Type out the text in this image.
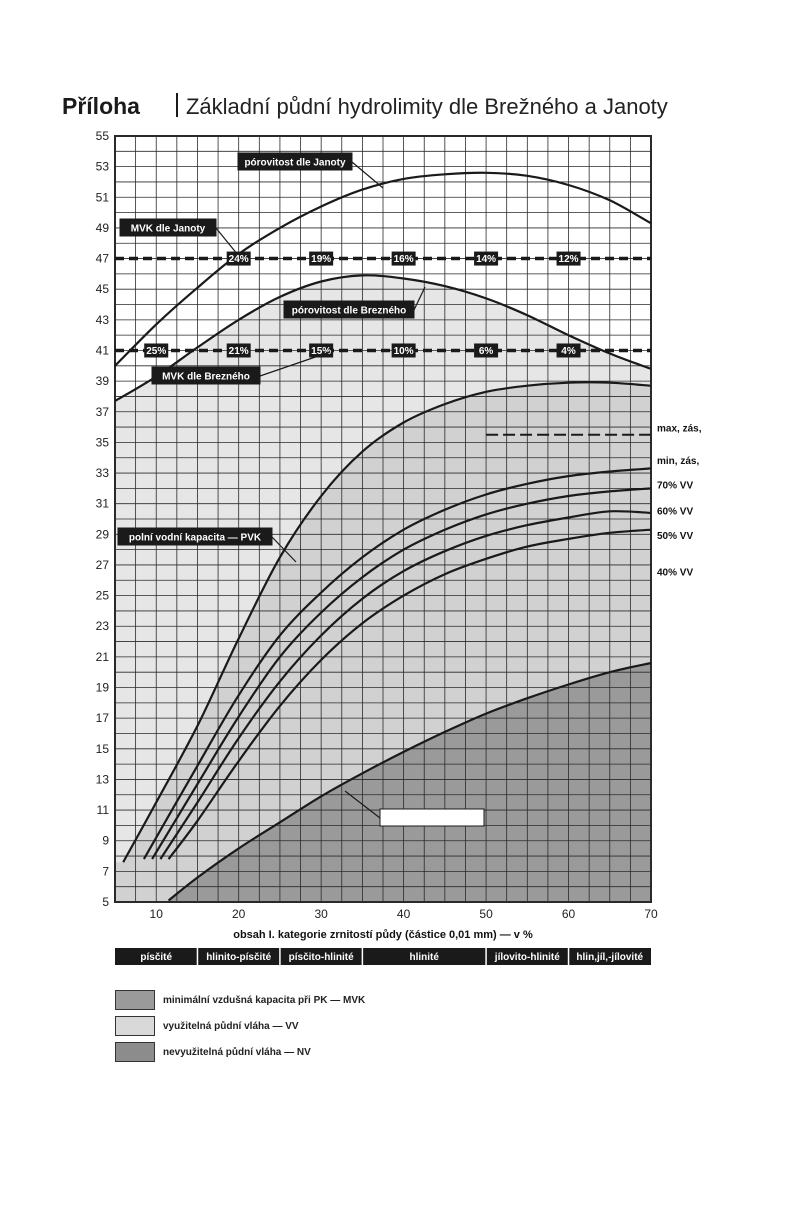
Příloha Základní půdní hydrolimity dle Brežného a Janoty
24%	19%	16%	14%	12%
25%	21%	15%	10%	6%	4%
pórovitost dle Janoty
MVK dle Janoty
pórovitost dle Brezného
MVK dle Brezného
polní vodní kapacita — PVK
bod vadnutí — BV
5
7
9
11
13
15
17
19
21
23
25
27
29
31
33
35
37
39
41
43
45
47
49
51
53
55
10	20	30	40	50	60	70
obsah I. kategorie zrnitostí půdy (částice 0,01 mm) — v %
max, zás,
min, zás,
70% VV
60% VV
50% VV
40% VV
písčité	hlinito-písčité písčito-hlinité	hlinité	jílovito-hlinité hlin,jíl,-jílovité
minimální vzdušná kapacita při PK — MVK
využitelná půdní vláha — VV
nevyužitelná půdní vláha — NV
